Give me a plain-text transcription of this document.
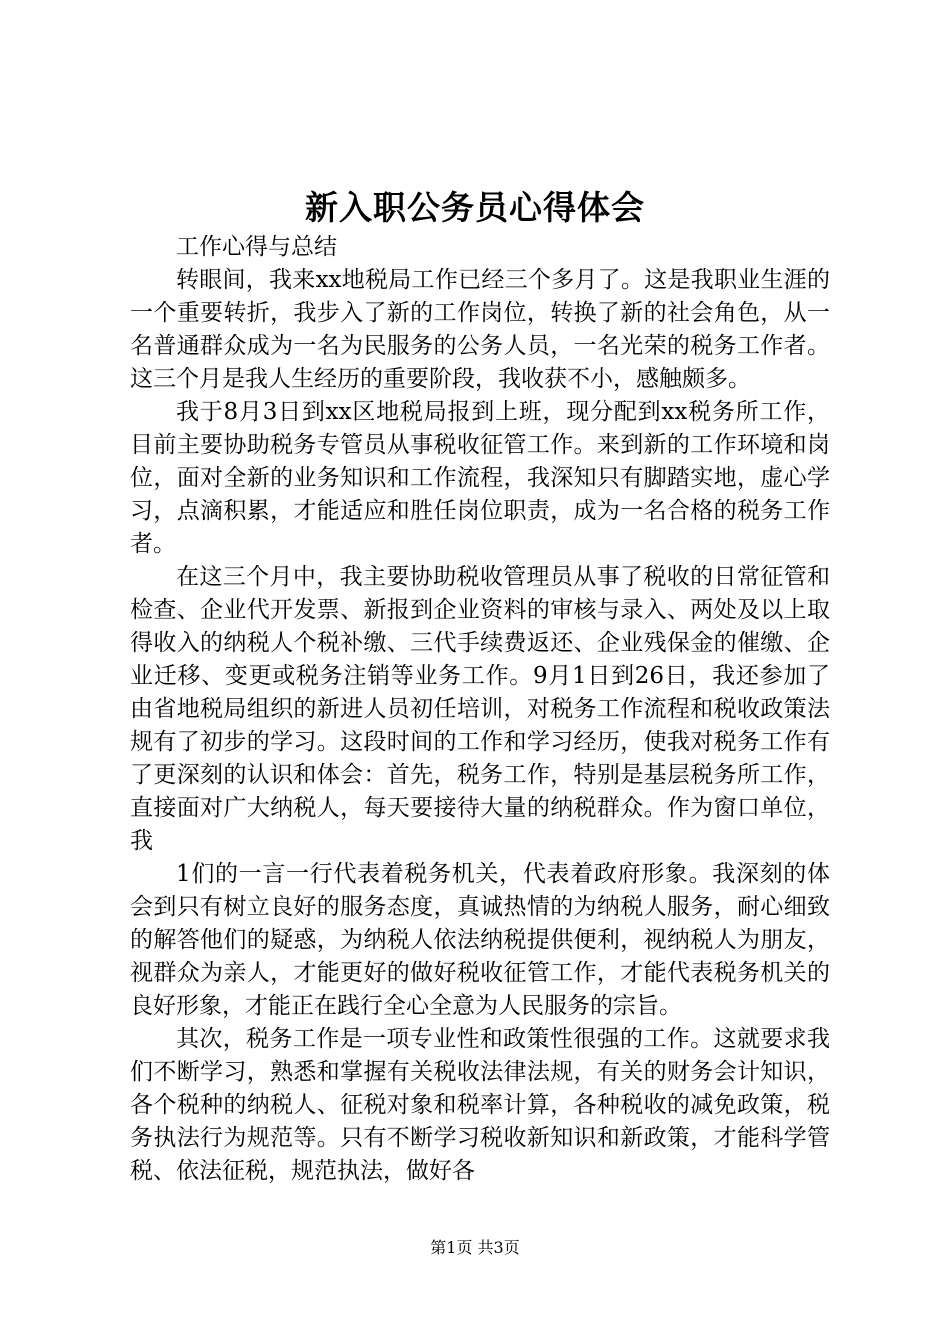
新入职公务员心得体会

工作心得与总结

转眼间，我来xx地税局工作已经三个多月了。这是我职业生涯的一个重要转折，我步入了新的工作岗位，转换了新的社会角色，从一名普通群众成为一名为民服务的公务人员，一名光荣的税务工作者。这三个月是我人生经历的重要阶段，我收获不小，感触颇多。

我于8月3日到xx区地税局报到上班，现分配到xx税务所工作，目前主要协助税务专管员从事税收征管工作。来到新的工作环境和岗位，面对全新的业务知识和工作流程，我深知只有脚踏实地，虚心学习，点滴积累，才能适应和胜任岗位职责，成为一名合格的税务工作者。

在这三个月中，我主要协助税收管理员从事了税收的日常征管和检查、企业代开发票、新报到企业资料的审核与录入、两处及以上取得收入的纳税人个税补缴、三代手续费返还、企业残保金的催缴、企业迁移、变更或税务注销等业务工作。9月1日到26日，我还参加了由省地税局组织的新进人员初任培训，对税务工作流程和税收政策法规有了初步的学习。这段时间的工作和学习经历，使我对税务工作有了更深刻的认识和体会：首先，税务工作，特别是基层税务所工作，直接面对广大纳税人，每天要接待大量的纳税群众。作为窗口单位，我

1们的一言一行代表着税务机关，代表着政府形象。我深刻的体会到只有树立良好的服务态度，真诚热情的为纳税人服务，耐心细致的解答他们的疑惑，为纳税人依法纳税提供便利，视纳税人为朋友，视群众为亲人，才能更好的做好税收征管工作，才能代表税务机关的良好形象，才能正在践行全心全意为人民服务的宗旨。

其次，税务工作是一项专业性和政策性很强的工作。这就要求我们不断学习，熟悉和掌握有关税收法律法规，有关的财务会计知识，各个税种的纳税人、征税对象和税率计算，各种税收的减免政策，税务执法行为规范等。只有不断学习税收新知识和新政策，才能科学管税、依法征税，规范执法，做好各

第1页 共3页
